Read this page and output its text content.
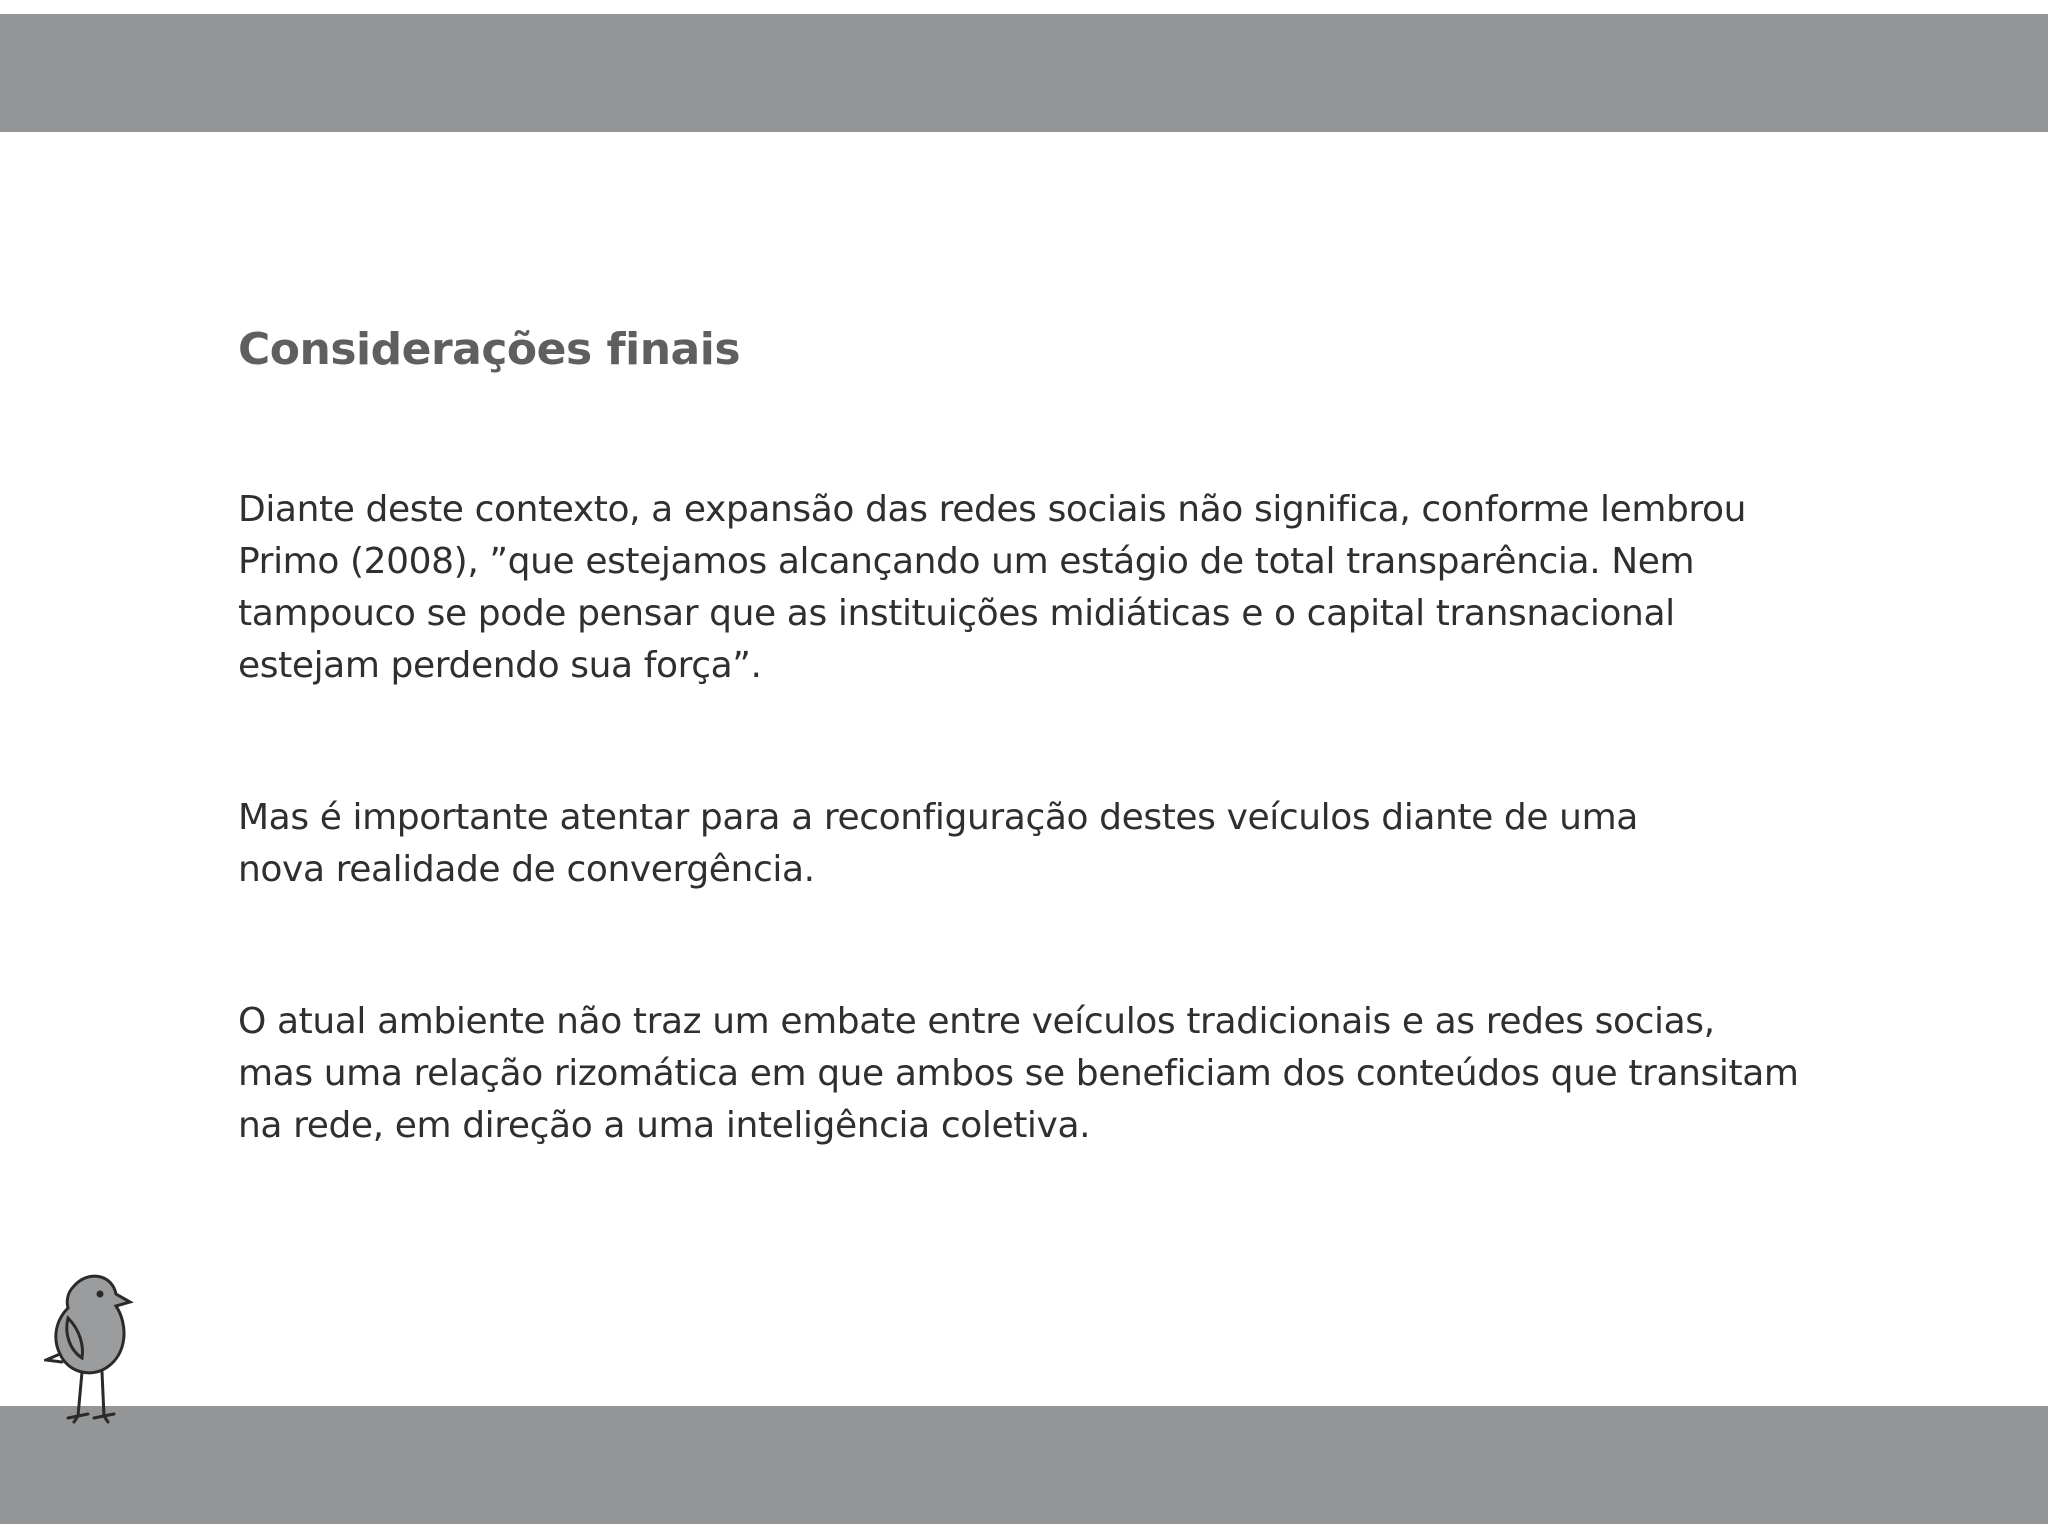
Considerações finais

Diante deste contexto, a expansão das redes sociais não significa, conforme lembrou
Primo (2008), ”que estejamos alcançando um estágio de total transparência. Nem
tampouco se pode pensar que as instituições midiáticas e o capital transnacional
estejam perdendo sua força”.

Mas é importante atentar para a reconfiguração destes veículos diante de uma
nova realidade de convergência.

O atual ambiente não traz um embate entre veículos tradicionais e as redes socias,
mas uma relação rizomática em que ambos se beneficiam dos conteúdos que transitam
na rede, em direção a uma inteligência coletiva.
